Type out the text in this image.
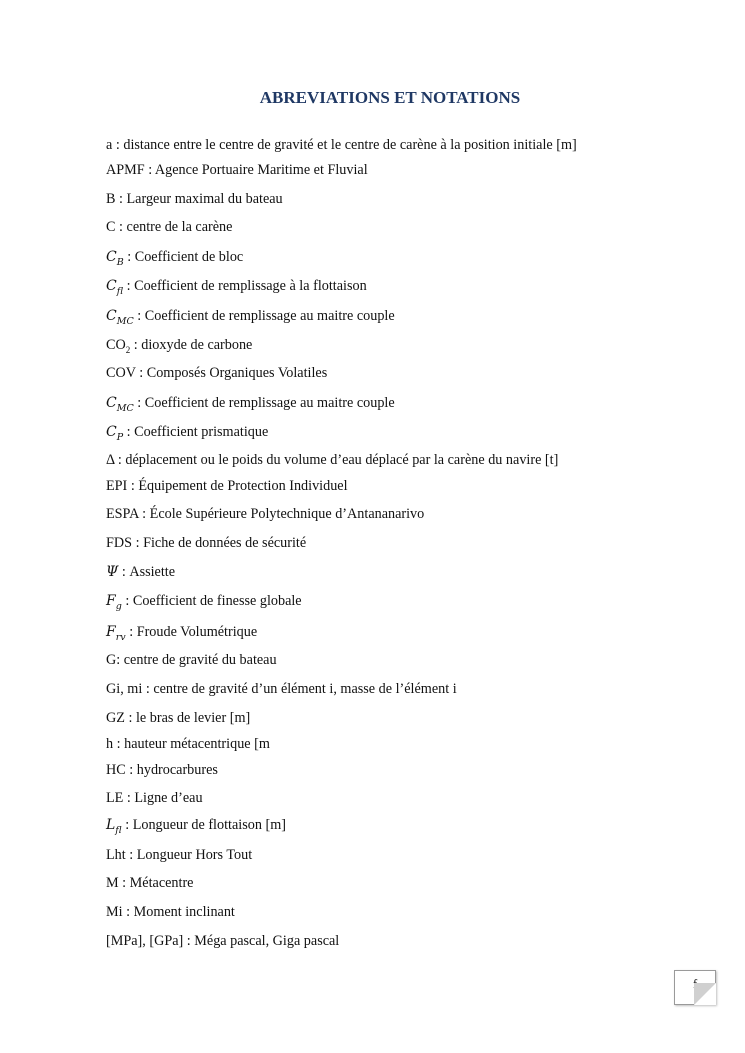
ABREVIATIONS ET NOTATIONS
a : distance entre le centre de gravité et le centre de carène à la position initiale [m]
APMF : Agence Portuaire Maritime et Fluvial
B : Largeur maximal du bateau
C : centre de la carène
$C_B$ : Coefficient de bloc
$C_{fl}$ : Coefficient de remplissage à la flottaison
$C_{MC}$ : Coefficient de remplissage au maitre couple
$CO_2$ : dioxyde de carbone
COV : Composés Organiques Volatiles
$C_{MC}$ : Coefficient de remplissage au maitre couple
$C_P$ : Coefficient prismatique
Δ : déplacement ou le poids du volume d’eau déplacé par la carène du navire [t]
EPI : Équipement de Protection Individuel
ESPA : École Supérieure Polytechnique d’Antananarivo
FDS : Fiche de données de sécurité
Ψ : Assiette
$F_g$ : Coefficient de finesse globale
$F_{rv}$ : Froude Volumétrique
G: centre de gravité du bateau
Gi, mi : centre de gravité d’un élément i, masse de l’élément i
GZ : le bras de levier [m]
h : hauteur métacentrique [m
HC : hydrocarbures
LE : Ligne d’eau
$L_{fl}$ : Longueur de flottaison [m]
Lht : Longueur Hors Tout
M : Métacentre
Mi : Moment inclinant
[MPa], [GPa] : Méga pascal, Giga pascal
f
